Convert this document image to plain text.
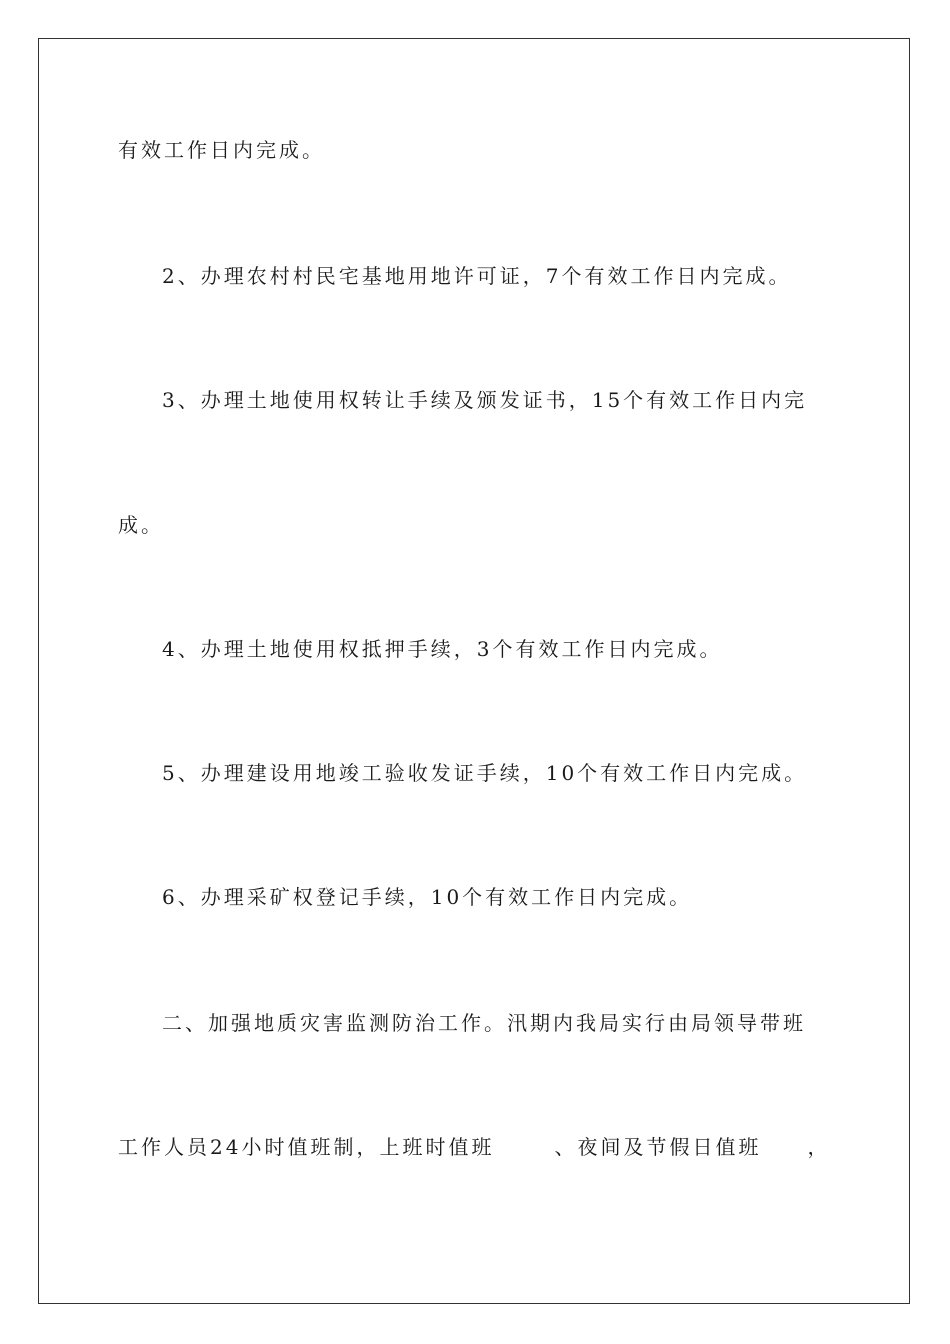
有效工作日内完成。
2、办理农村村民宅基地用地许可证，7个有效工作日内完成。
3、办理土地使用权转让手续及颁发证书，15个有效工作日内完
成。
4、办理土地使用权抵押手续，3个有效工作日内完成。
5、办理建设用地竣工验收发证手续，10个有效工作日内完成。
6、办理采矿权登记手续，10个有效工作日内完成。
二、加强地质灾害监测防治工作。汛期内我局实行由局领导带班
工作人员24小时值班制，上班时值班	、夜间及节假日值班 ，
